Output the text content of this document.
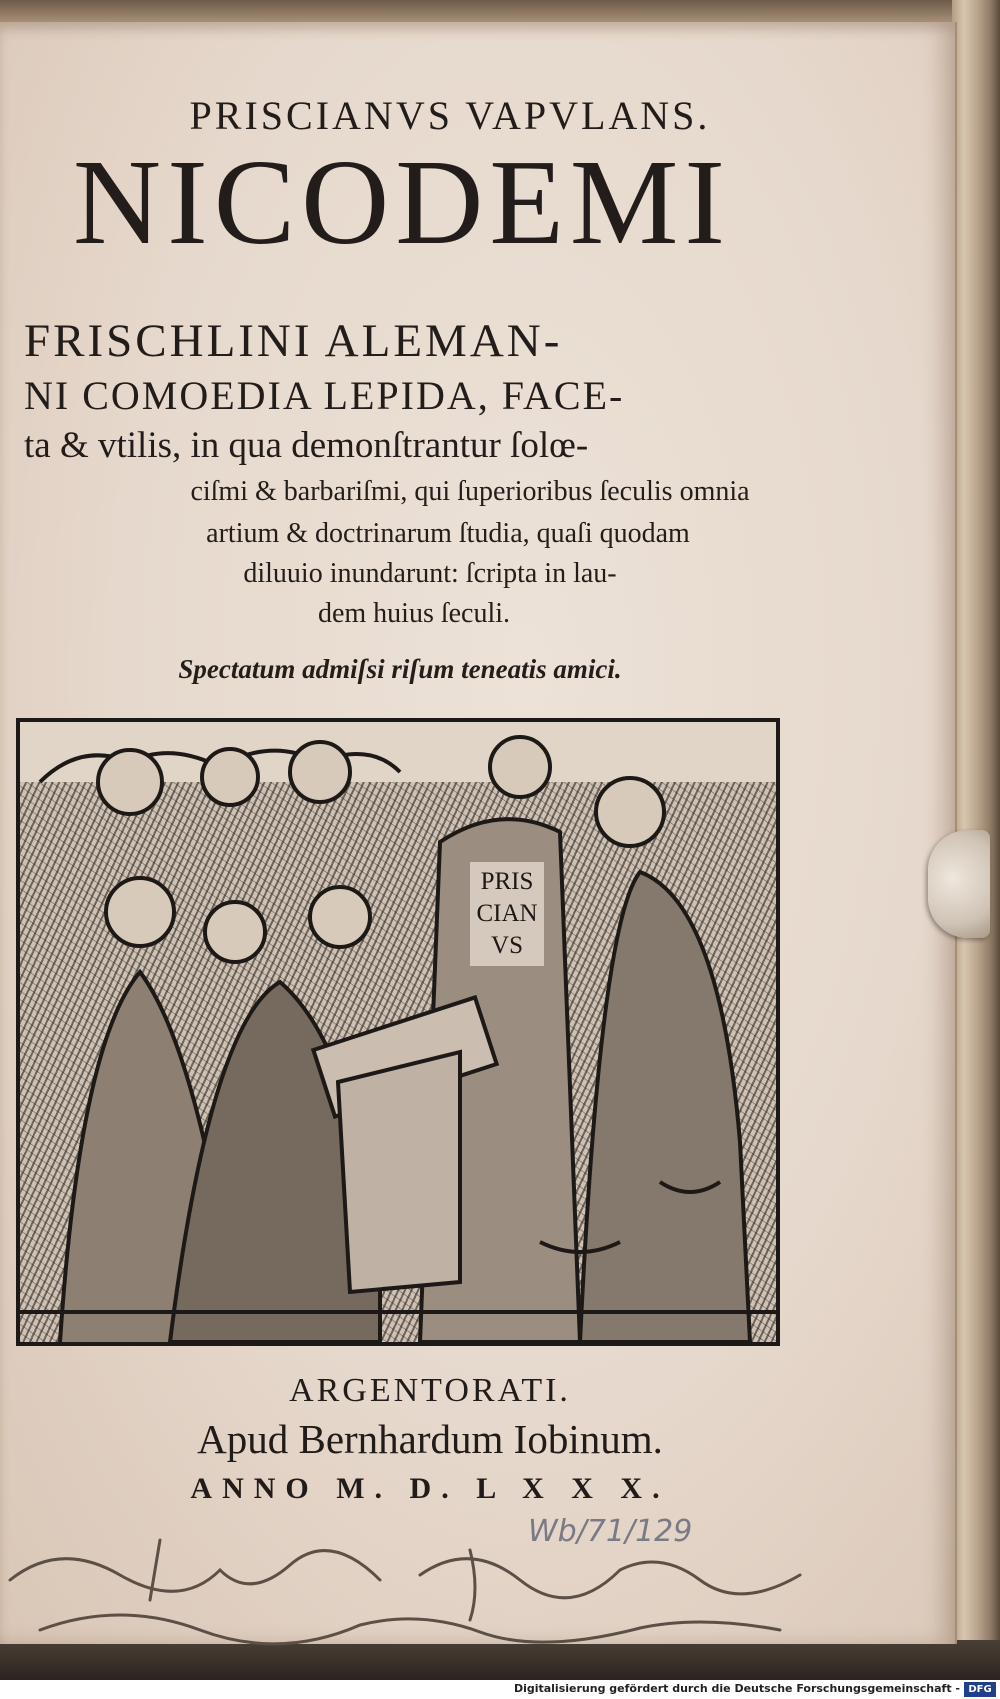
PRISCIANVS VAPVLANS.
NICODEMI
FRISCHLINI ALEMAN-
NI COMOEDIA LEPIDA, FACE-
ta & vtilis, in qua demonſtrantur ſolœ-
ciſmi & barbariſmi, qui ſuperioribus ſeculis omnia
artium & doctrinarum ſtudia, quaſi quodam
diluuio inundarunt: ſcripta in lau-
dem huius ſeculi.
Spectatum admiſsi riſum teneatis amici.
PRIS
CIAN
VS
ARGENTORATI.
Apud Bernhardum Iobinum.
ANNO M. D. L X X X.
Wb/71/129
Digitalisierung gefördert durch die Deutsche Forschungsgemeinschaft - DFG
